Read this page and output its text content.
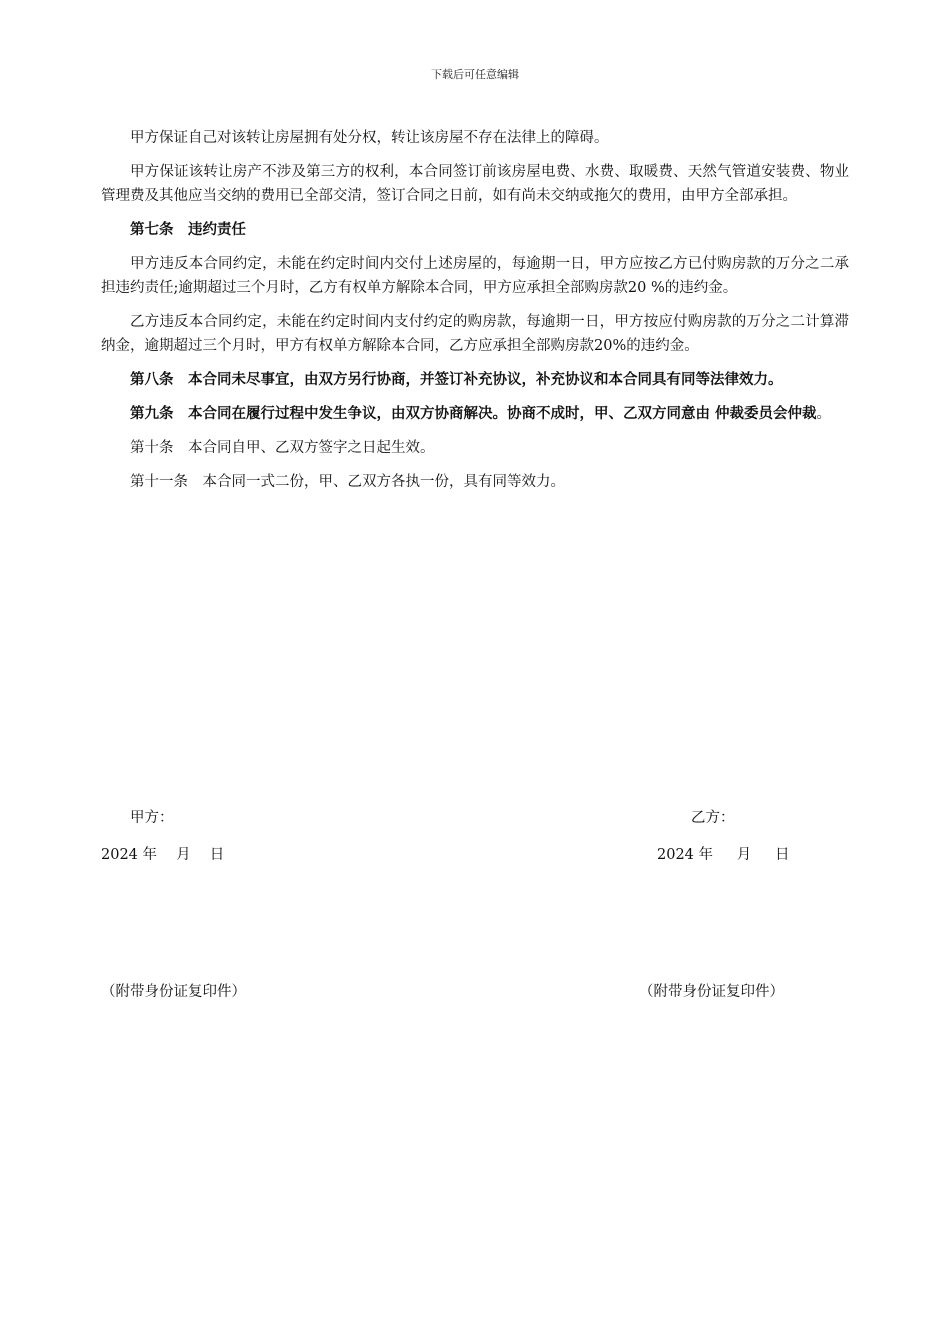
下载后可任意编辑

甲方保证自己对该转让房屋拥有处分权，转让该房屋不存在法律上的障碍。

甲方保证该转让房产不涉及第三方的权利，本合同签订前该房屋电费、水费、取暖费、天然气管道安装费、物业管理费及其他应当交纳的费用已全部交清，签订合同之日前，如有尚未交纳或拖欠的费用，由甲方全部承担。

第七条　违约责任

甲方违反本合同约定，未能在约定时间内交付上述房屋的，每逾期一日，甲方应按乙方已付购房款的万分之二承担违约责任;逾期超过三个月时，乙方有权单方解除本合同，甲方应承担全部购房款20 %的违约金。

乙方违反本合同约定，未能在约定时间内支付约定的购房款，每逾期一日，甲方按应付购房款的万分之二计算滞纳金，逾期超过三个月时，甲方有权单方解除本合同，乙方应承担全部购房款20%的违约金。

第八条　本合同未尽事宜，由双方另行协商，并签订补充协议，补充协议和本合同具有同等法律效力。

第九条　本合同在履行过程中发生争议，由双方协商解决。协商不成时，甲、乙双方同意由 仲裁委员会仲裁。

第十条　本合同自甲、乙双方签字之日起生效。

第十一条　本合同一式二份，甲、乙双方各执一份，具有同等效力。

甲方：	乙方：
2024 年　 月　 日	2024 年　  月　  日
（附带身份证复印件）	（附带身份证复印件）
